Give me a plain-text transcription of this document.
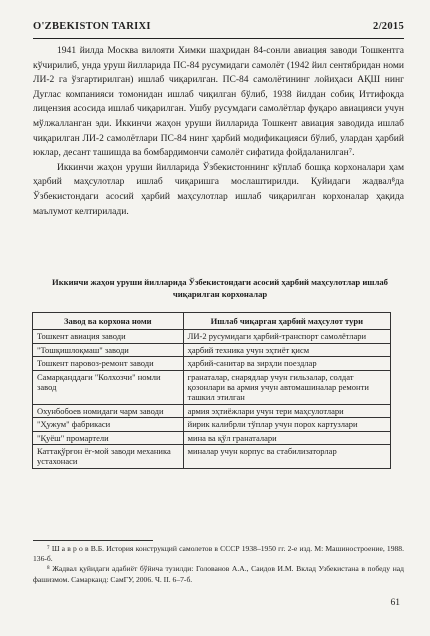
O'ZBEKISTON TARIXI	2/2015

1941 йилда Москва вилояти Химки шаҳридан 84-сонли авиация заводи Тошкентга кўчирилиб, унда уруш йилларида ПС-84 русумидаги самолёт (1942 йил сентябридан номи ЛИ-2 га ўзгартирилган) ишлаб чиқарилган. ПС-84 самолётининг лойиҳаси АҚШ нинг Дуглас компанияси томонидан ишлаб чиқилган бўлиб, 1938 йилдан собиқ Иттифоқда лицензия асосида ишлаб чиқарилган. Ушбу русумдаги самолётлар фуқаро авиацияси учун мўлжалланган эди. Иккинчи жаҳон уруши йилларида Тошкент авиация заводида ишлаб чиқарилган ЛИ-2 самолётлари ПС-84 нинг ҳарбий модификацияси бўлиб, улардан ҳарбий юклар, десант ташишда ва бомбардимончи самолёт сифатида фойдаланилган⁷.

Иккинчи жаҳон уруши йилларида Ўзбекистоннинг кўплаб бошқа корхоналари ҳам ҳарбий маҳсулотлар ишлаб чиқаришга мослаштирилди. Қуйидаги жадвал⁸да Ўзбекистондаги асосий ҳарбий маҳсулотлар ишлаб чиқарилган корхоналар ҳақида маълумот келтирилади.

Иккинчи жаҳон уруши йилларида Ўзбекистондаги асосий ҳарбий маҳсулотлар ишлаб чиқарилган корхоналар
Завод ва корхона номи	Ишлаб чиқарган ҳарбий маҳсулот тури
Тошкент авиация заводи	ЛИ-2 русумидаги ҳарбий-транспорт самолётлари
"Тошқишлоқмаш" заводи	ҳарбий техника учун эҳтиёт қисм
Тошкент паровоз-ремонт заводи	ҳарбий-санитар ва зирҳли поездлар
Самарқанддаги "Колхозчи" номли завод	гранаталар, снарядлар учун гильзалар, солдат қозонлари ва армия учун автомашиналар ремонти ташкил этилган
Охунбобоев номидаги чарм заводи	армия эҳтиёжлари учун тери маҳсулотлари
"Ҳужум" фабрикаси	йирик калибрли тўплар учун порох картузлари
"Қуёш" промартели	мина ва қўл гранаталари
Каттақўрғон ёғ-мой заводи механика устахонаси	миналар учун корпус ва стабилизаторлар

⁷ Ш а в р о в В.Б. История конструкций самолетов в СССР 1938–1950 гг. 2-е изд. М: Машиностроение, 1988. 136-б.

⁸ Жадвал қуйидаги адабиёт бўйича тузилди: Голованов А.А., Саидов И.М. Вклад Узбекистана в победу над фашизмом. Самарканд: СамГУ, 2006. Ч. II. 6–7-б.

61
